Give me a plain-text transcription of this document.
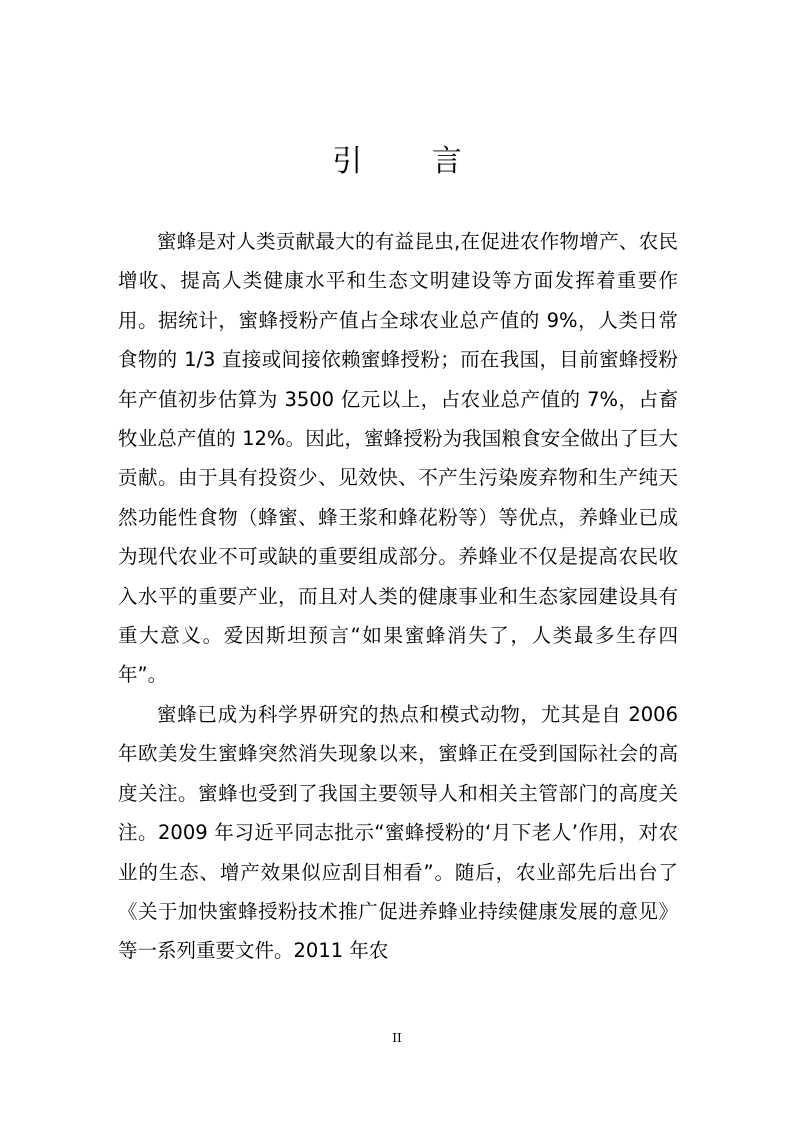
引 言

蜜蜂是对人类贡献最大的有益昆虫,在促进农作物增产、农民增收、提高人类健康水平和生态文明建设等方面发挥着重要作用。据统计，蜜蜂授粉产值占全球农业总产值的 9%，人类日常食物的 1/3 直接或间接依赖蜜蜂授粉；而在我国，目前蜜蜂授粉年产值初步估算为 3500 亿元以上，占农业总产值的 7%，占畜牧业总产值的 12%。因此，蜜蜂授粉为我国粮食安全做出了巨大贡献。由于具有投资少、见效快、不产生污染废弃物和生产纯天然功能性食物（蜂蜜、蜂王浆和蜂花粉等）等优点，养蜂业已成为现代农业不可或缺的重要组成部分。养蜂业不仅是提高农民收入水平的重要产业，而且对人类的健康事业和生态家园建设具有重大意义。爱因斯坦预言“如果蜜蜂消失了，人类最多生存四年”。

蜜蜂已成为科学界研究的热点和模式动物，尤其是自 2006 年欧美发生蜜蜂突然消失现象以来，蜜蜂正在受到国际社会的高度关注。蜜蜂也受到了我国主要领导人和相关主管部门的高度关注。2009 年习近平同志批示“蜜蜂授粉的‘月下老人’作用，对农业的生态、增产效果似应刮目相看”。随后，农业部先后出台了《关于加快蜜蜂授粉技术推广促进养蜂业持续健康发展的意见》等一系列重要文件。2011 年农

II
